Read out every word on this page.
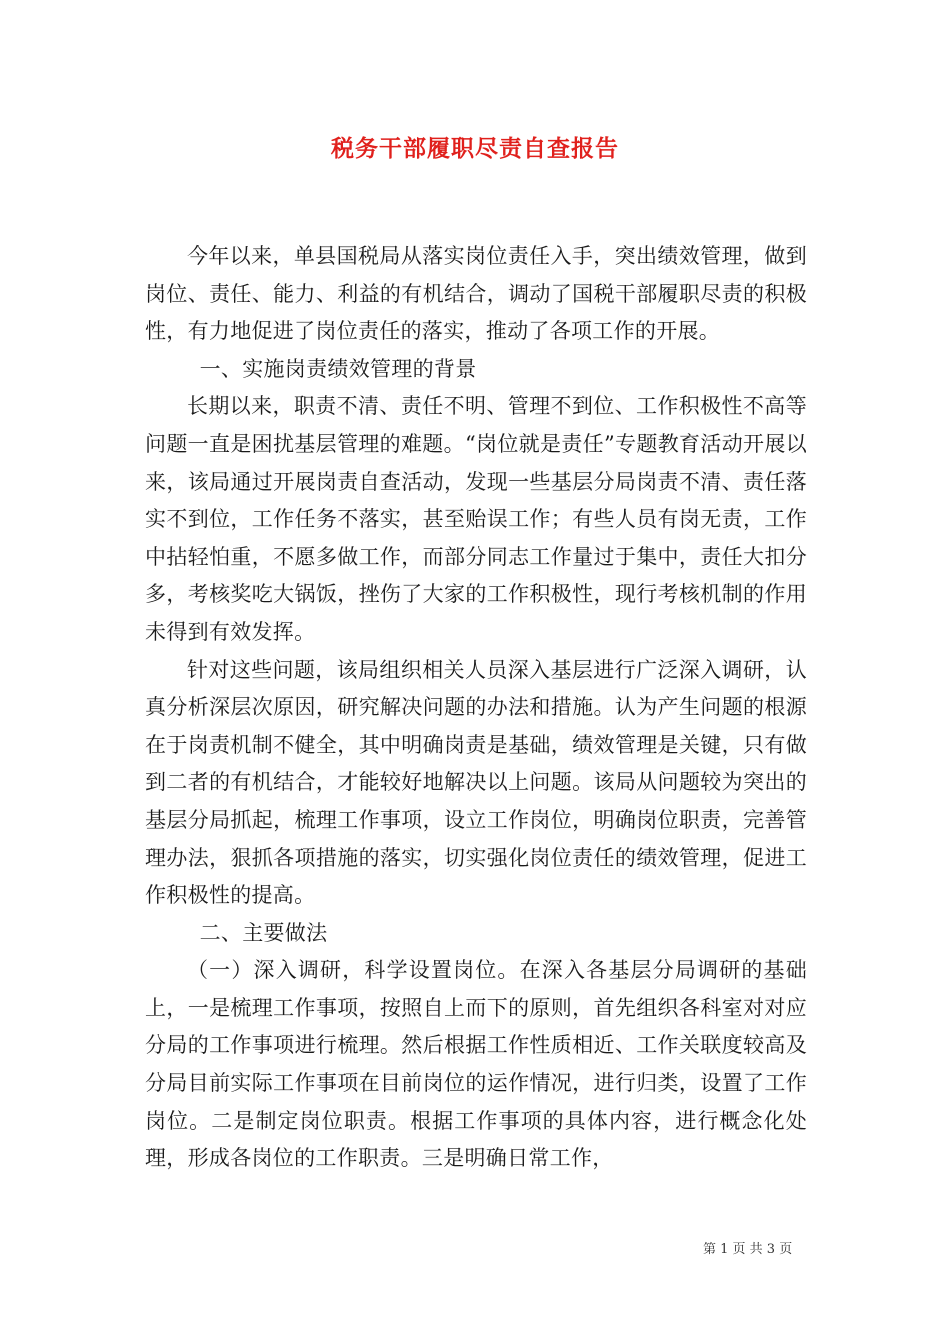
税务干部履职尽责自查报告

今年以来，单县国税局从落实岗位责任入手，突出绩效管理，做到岗位、责任、能力、利益的有机结合，调动了国税干部履职尽责的积极性，有力地促进了岗位责任的落实，推动了各项工作的开展。

一、实施岗责绩效管理的背景

长期以来，职责不清、责任不明、管理不到位、工作积极性不高等问题一直是困扰基层管理的难题。“岗位就是责任”专题教育活动开展以来，该局通过开展岗责自查活动，发现一些基层分局岗责不清、责任落实不到位，工作任务不落实，甚至贻误工作；有些人员有岗无责，工作中拈轻怕重，不愿多做工作，而部分同志工作量过于集中，责任大扣分多，考核奖吃大锅饭，挫伤了大家的工作积极性，现行考核机制的作用未得到有效发挥。

针对这些问题，该局组织相关人员深入基层进行广泛深入调研，认真分析深层次原因，研究解决问题的办法和措施。认为产生问题的根源在于岗责机制不健全，其中明确岗责是基础，绩效管理是关键，只有做到二者的有机结合，才能较好地解决以上问题。该局从问题较为突出的基层分局抓起，梳理工作事项，设立工作岗位，明确岗位职责，完善管理办法，狠抓各项措施的落实，切实强化岗位责任的绩效管理，促进工作积极性的提高。

二、主要做法

（一）深入调研，科学设置岗位。在深入各基层分局调研的基础上，一是梳理工作事项，按照自上而下的原则，首先组织各科室对对应分局的工作事项进行梳理。然后根据工作性质相近、工作关联度较高及分局目前实际工作事项在目前岗位的运作情况，进行归类，设置了工作岗位。二是制定岗位职责。根据工作事项的具体内容，进行概念化处理，形成各岗位的工作职责。三是明确日常工作，

第 1 页 共 3 页
